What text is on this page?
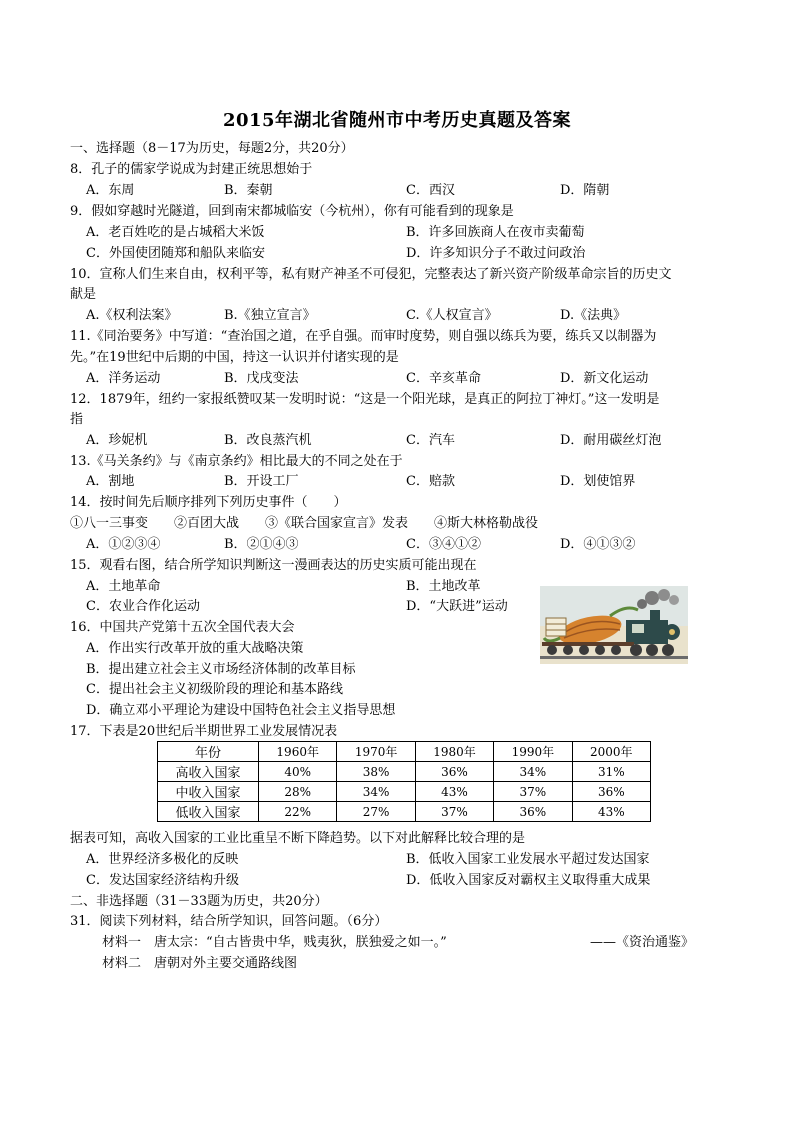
2015年湖北省随州市中考历史真题及答案
一、选择题（8－17为历史，每题2分，共20分）
8．孔子的儒家学说成为封建正统思想始于
A．东周	B．秦朝	C．西汉	D．隋朝
9．假如穿越时光隧道，回到南宋都城临安（今杭州），你有可能看到的现象是
A．老百姓吃的是占城稻大米饭	B．许多回族商人在夜市卖葡萄
C．外国使团随郑和船队来临安	D．许多知识分子不敢过问政治
10．宣称人们生来自由，权利平等，私有财产神圣不可侵犯，完整表达了新兴资产阶级革命宗旨的历史文
献是
A.《权利法案》	B.《独立宣言》	C.《人权宣言》	D.《法典》
11.《同治要务》中写道：“查治国之道，在乎自强。而审时度势，则自强以练兵为要，练兵又以制器为
先。”在19世纪中后期的中国，持这一认识并付诸实现的是
A．洋务运动	B．戊戌变法	C．辛亥革命	D．新文化运动
12．1879年，纽约一家报纸赞叹某一发明时说：“这是一个阳光球，是真正的阿拉丁神灯。”这一发明是
指
A．珍妮机	B．改良蒸汽机	C．汽车	D．耐用碳丝灯泡
13.《马关条约》与《南京条约》相比最大的不同之处在于
A．割地	B．开设工厂	C．赔款	D．划使馆界
14．按时间先后顺序排列下列历史事件（　　）
①八一三事变　　②百团大战　　③《联合国家宣言》发表　　④斯大林格勒战役
A．①②③④	B．②①④③	C．③④①②	D．④①③②
15．观看右图，结合所学知识判断这一漫画表达的历史实质可能出现在
A．土地革命	B．土地改革
C．农业合作化运动	D．“大跃进”运动
16．中国共产党第十五次全国代表大会
A．作出实行改革开放的重大战略决策
B．提出建立社会主义市场经济体制的改革目标
C．提出社会主义初级阶段的理论和基本路线
D．确立邓小平理论为建设中国特色社会主义指导思想
17．下表是20世纪后半期世界工业发展情况表
年份	1960年	1970年	1980年	1990年	2000年
高收入国家	40%	38%	36%	34%	31%
中收入国家	28%	34%	43%	37%	36%
低收入国家	22%	27%	37%	36%	43%
据表可知，高收入国家的工业比重呈不断下降趋势。以下对此解释比较合理的是
A．世界经济多极化的反映	B．低收入国家工业发展水平超过发达国家
C．发达国家经济结构升级	D．低收入国家反对霸权主义取得重大成果
二、非选择题（31－33题为历史，共20分）
31．阅读下列材料，结合所学知识，回答问题。（6分）
材料一　唐太宗：“自古皆贵中华，贱夷狄，朕独爱之如一。”	——《资治通鉴》
材料二　唐朝对外主要交通路线图
